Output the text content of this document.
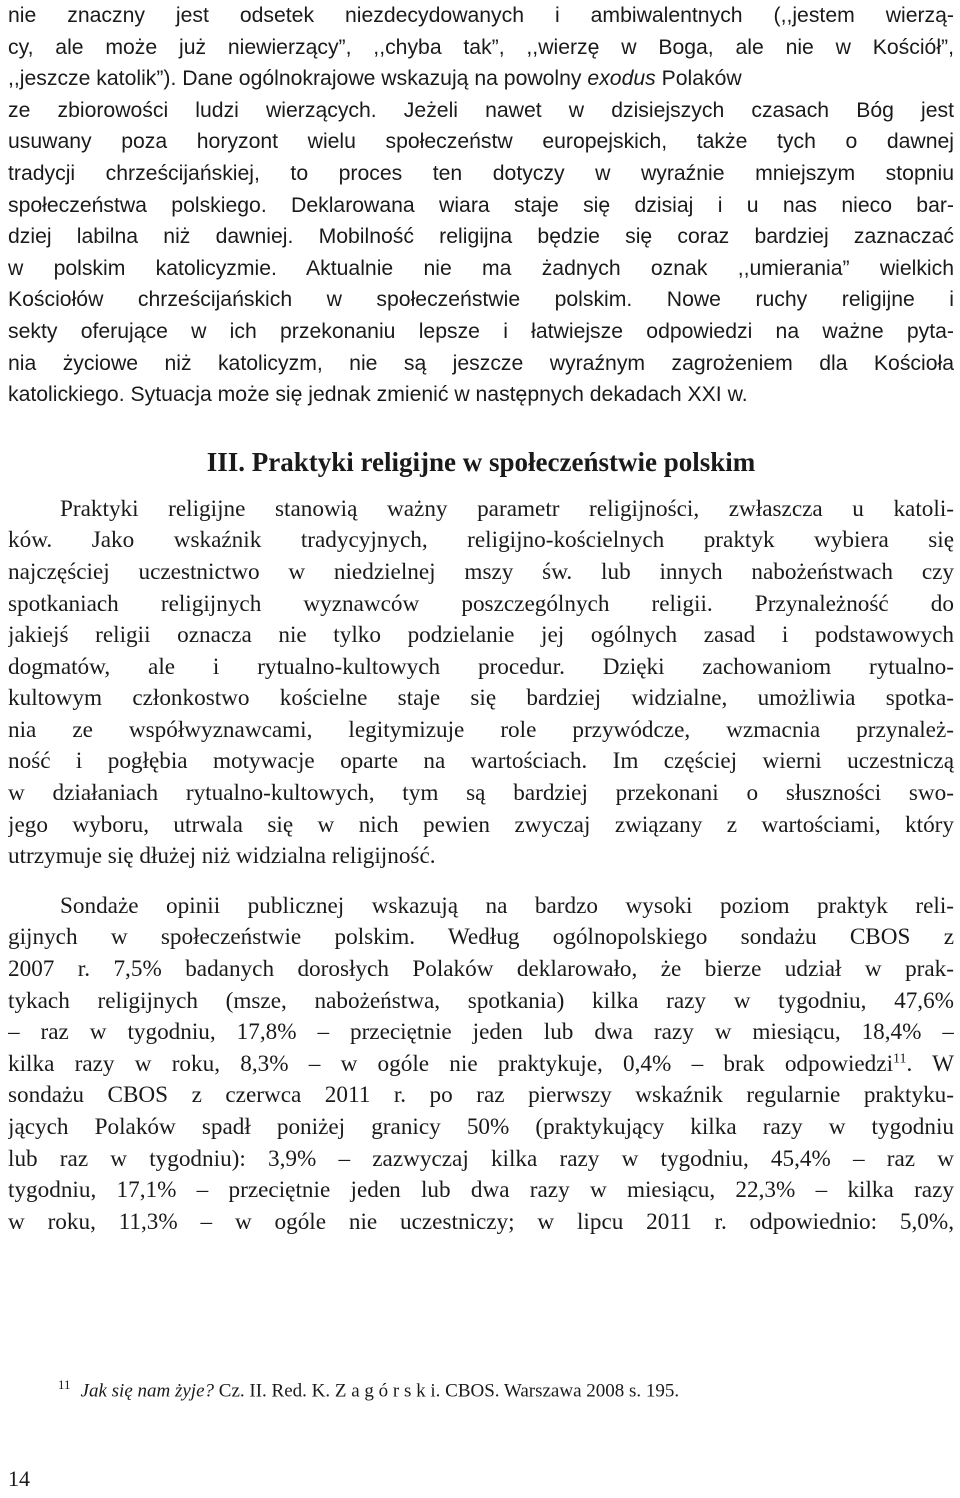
nie znaczny jest odsetek niezdecydowanych i ambiwalentnych (,,jestem wierzą-
cy, ale może już niewierzący”, ,,chyba tak”, ,,wierzę w Boga, ale nie w Kościół”,
,,jeszcze katolik”). Dane ogólnokrajowe wskazują na powolny exodus Polaków
ze zbiorowości ludzi wierzących. Jeżeli nawet w dzisiejszych czasach Bóg jest
usuwany poza horyzont wielu społeczeństw europejskich, także tych o dawnej
tradycji chrześcijańskiej, to proces ten dotyczy w wyraźnie mniejszym stopniu
społeczeństwa polskiego. Deklarowana wiara staje się dzisiaj i u nas nieco bar-
dziej labilna niż dawniej. Mobilność religijna będzie się coraz bardziej zaznaczać
w polskim katolicyzmie. Aktualnie nie ma żadnych oznak ,,umierania” wielkich
Kościołów chrześcijańskich w społeczeństwie polskim. Nowe ruchy religijne i
sekty oferujące w ich przekonaniu lepsze i łatwiejsze odpowiedzi na ważne pyta-
nia życiowe niż katolicyzm, nie są jeszcze wyraźnym zagrożeniem dla Kościoła
katolickiego. Sytuacja może się jednak zmienić w następnych dekadach XXI w.
III. Praktyki religijne w społeczeństwie polskim
Praktyki religijne stanowią ważny parametr religijności, zwłaszcza u katoli-
ków. Jako wskaźnik tradycyjnych, religijno-kościelnych praktyk wybiera się
najczęściej uczestnictwo w niedzielnej mszy św. lub innych nabożeństwach czy
spotkaniach religijnych wyznawców poszczególnych religii. Przynależność do
jakiejś religii oznacza nie tylko podzielanie jej ogólnych zasad i podstawowych
dogmatów, ale i rytualno-kultowych procedur. Dzięki zachowaniom rytualno-
kultowym członkostwo kościelne staje się bardziej widzialne, umożliwia spotka-
nia ze współwyznawcami, legitymizuje role przywódcze, wzmacnia przynależ-
ność i pogłębia motywacje oparte na wartościach. Im częściej wierni uczestniczą
w działaniach rytualno-kultowych, tym są bardziej przekonani o słuszności swo-
jego wyboru, utrwala się w nich pewien zwyczaj związany z wartościami, który
utrzymuje się dłużej niż widzialna religijność.
Sondaże opinii publicznej wskazują na bardzo wysoki poziom praktyk reli-
gijnych w społeczeństwie polskim. Według ogólnopolskiego sondażu CBOS z
2007 r. 7,5% badanych dorosłych Polaków deklarowało, że bierze udział w prak-
tykach religijnych (msze, nabożeństwa, spotkania) kilka razy w tygodniu, 47,6%
– raz w tygodniu, 17,8% – przeciętnie jeden lub dwa razy w miesiącu, 18,4% –
kilka razy w roku, 8,3% – w ogóle nie praktykuje, 0,4% – brak odpowiedzi$^{11}$. W
sondażu CBOS z czerwca 2011 r. po raz pierwszy wskaźnik regularnie praktyku-
jących Polaków spadł poniżej granicy 50% (praktykujący kilka razy w tygodniu
lub raz w tygodniu): 3,9% – zazwyczaj kilka razy w tygodniu, 45,4% – raz w
tygodniu, 17,1% – przeciętnie jeden lub dwa razy w miesiącu, 22,3% – kilka razy
w roku, 11,3% – w ogóle nie uczestniczy; w lipcu 2011 r. odpowiednio: 5,0%,
$^{11}$ Jak się nam żyje? Cz. II. Red. K. Z a g ó r s k i. CBOS. Warszawa 2008 s. 195.
14
